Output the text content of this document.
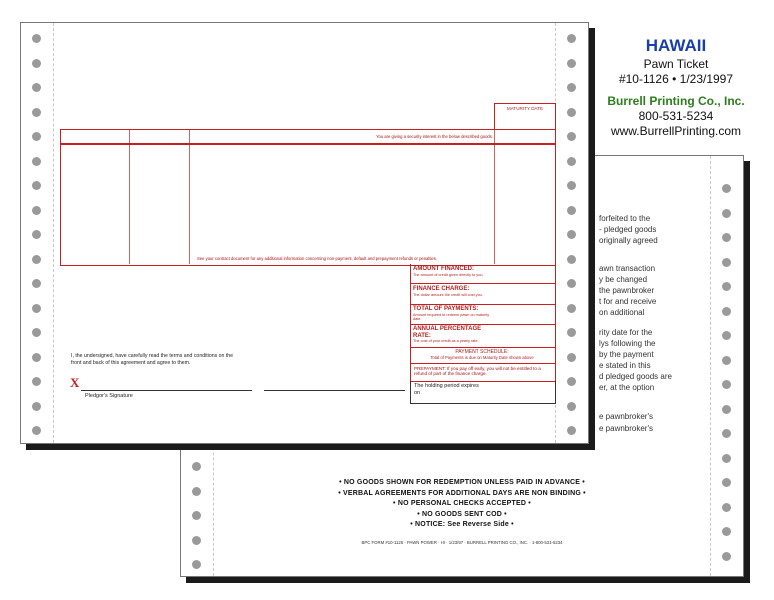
forfeited to the
- pledged goods
originally agreed
awn transaction
y be changed
the pawnbroker
t for and receive
on additional
rity date for the
lys following the
by the payment
e stated in this
d pledged goods are
er, at the option
e pawnbroker's
e pawnbroker's
• NO GOODS SHOWN FOR REDEMPTION UNLESS PAID IN ADVANCE •
• VERBAL AGREEMENTS FOR ADDITIONAL DAYS ARE NON BINDING •
• NO PERSONAL CHECKS ACCEPTED •
• NO GOODS SENT COD •
• NOTICE: See Reverse Side •
BPC FORM #10-1126 · PAWN POWER · HI · 1/23/97 · BURRELL PRINTING CO., INC. · 1-800-531-5234
MATURITY DATE
You are giving a security interest in the below described goods.
See your contract document for any additional information concerning non-payment, default and prepayment refunds or penalties.
AMOUNT FINANCED:
The amount of credit given directly to you.
FINANCE CHARGE:
The dollar amount the credit will cost you.
TOTAL OF PAYMENTS:
Amount required to redeem pawn on maturity date.
ANNUAL PERCENTAGE RATE:
The cost of your credit as a yearly rate.
PAYMENT SCHEDULE:
Total of Payments is due on Maturity Date shown above
PREPAYMENT: If you pay off early, you will not be entitled to a refund of part of the finance charge.
The holding period expires on
I, the undersigned, have carefully read the terms and conditions on the front and back of this agreement and agree to them.
X
Pledgor's Signature
HAWAII
Pawn Ticket
#10-1126 • 1/23/1997
Burrell Printing Co., Inc.
800-531-5234
www.BurrellPrinting.com
